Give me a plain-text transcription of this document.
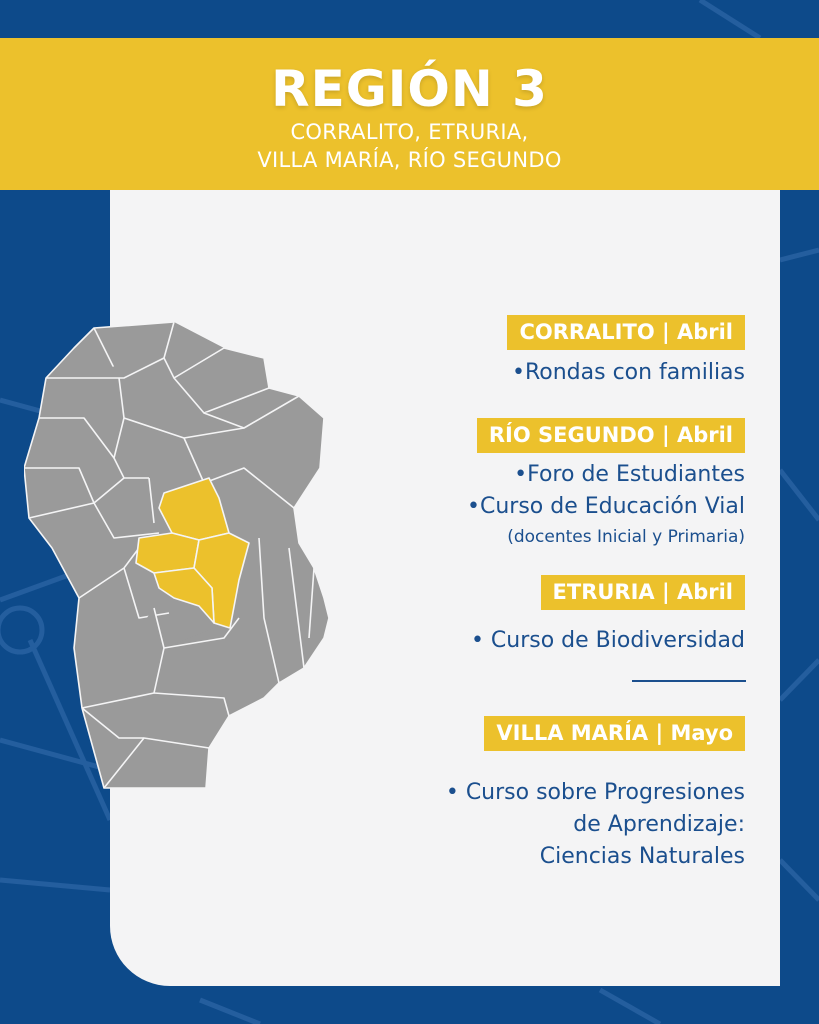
REGIÓN 3
CORRALITO, ETRURIA,
VILLA MARÍA, RÍO SEGUNDO
CORRALITO | Abril
•Rondas con familias
RÍO SEGUNDO | Abril
•Foro de Estudiantes
•Curso de Educación Vial
(docentes Inicial y Primaria)
ETRURIA | Abril
• Curso de Biodiversidad
VILLA MARÍA | Mayo
• Curso sobre Progresiones
de Aprendizaje:
Ciencias Naturales
